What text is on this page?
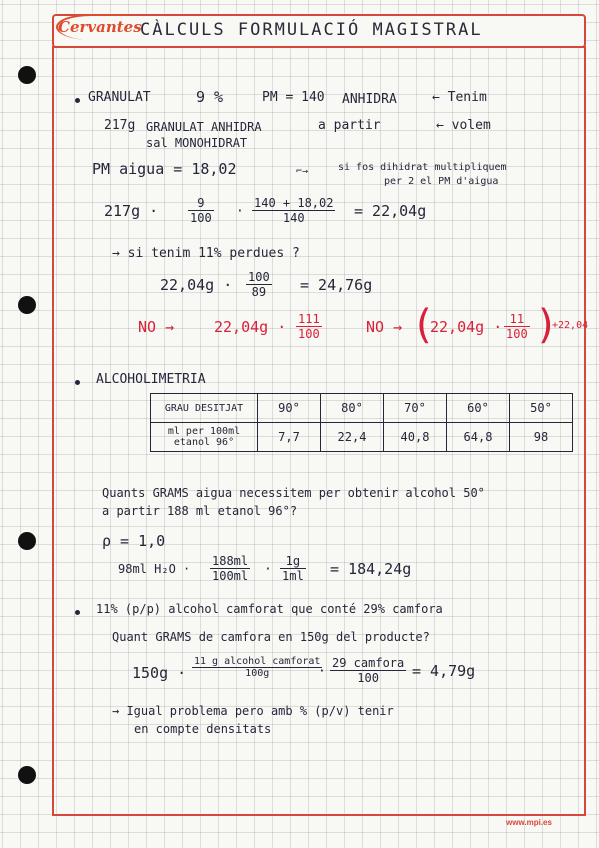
Cervantes
CÀLCULS FORMULACIÓ MAGISTRAL
GRANULAT	9 %	PM = 140 ANHIDRA	← Tenim
217g GRANULAT ANHIDRA	a partir	← volem
sal MONOHIDRAT
PM aigua = 18,02	si fos dihidrat multipliquem
per 2 el PM d'aigua
⌐→
$217g \cdot \frac{9}{100} \cdot \frac{140 + 18,02}{140} = 22,04g$
→ si tenim 11% perdues ?
$22,04g \cdot \frac{100}{89} = 24,76g$
NO →	$22,04g \cdot \frac{111}{100}$	NO → (
$22,04g \cdot \frac{11}{100}$ )
+22,04
ALCOHOLIMETRIA
GRAU DESITJAT	90°	80°	70°	60°	50°

ml per 100ml
etanol 96°	7,7	22,4	40,8	64,8	98
Quants GRAMS aigua necessitem per obtenir alcohol 50°
a partir 188 ml etanol 96°?
ρ = 1,0
98ml $H_2O \cdot \frac{188ml}{100ml} \cdot \frac{1g}{1ml} = 184,24g$
11% (p/p) alcohol camforat que conté 29% camfora
Quant GRAMS de camfora en 150g del producte?
150g ·
11 g alcohol camforat
100g	·
29 camfora
100	= 4,79g
→ Igual problema pero amb % (p/v) tenir
en compte densitats
www.mpi.es
